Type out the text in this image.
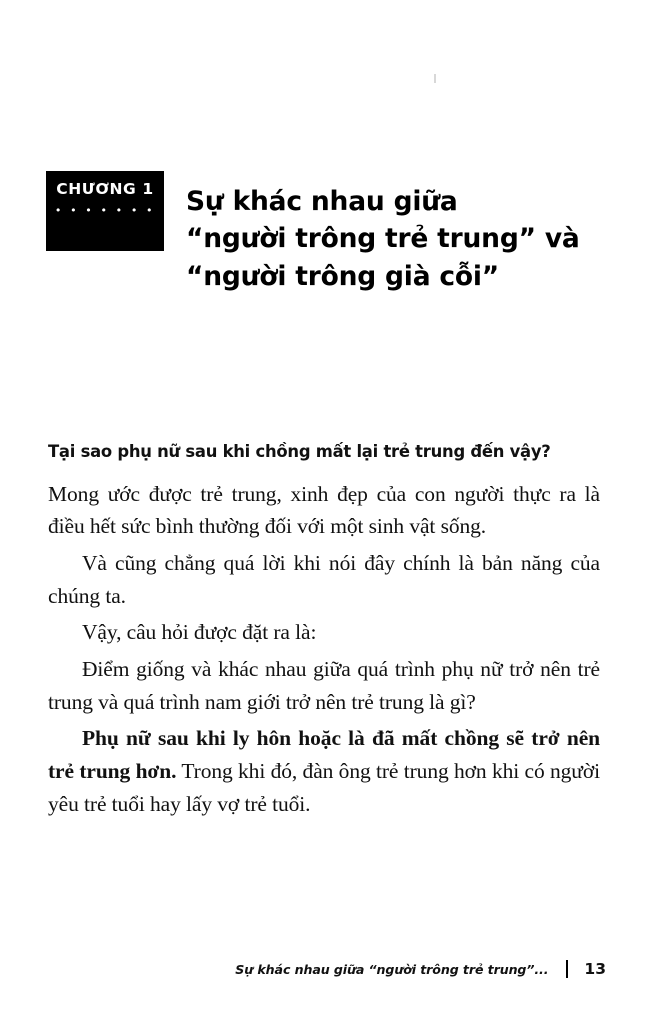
CHƯƠNG 1
• • • • • • •	Sự khác nhau giữa
“người trông trẻ trung” và
“người trông già cỗi”

Tại sao phụ nữ sau khi chồng mất lại trẻ trung đến vậy?

Mong ước được trẻ trung, xinh đẹp của con người thực ra là điều hết sức bình thường đối với một sinh vật sống.

Và cũng chẳng quá lời khi nói đây chính là bản năng của chúng ta.

Vậy, câu hỏi được đặt ra là:

Điểm giống và khác nhau giữa quá trình phụ nữ trở nên trẻ trung và quá trình nam giới trở nên trẻ trung là gì?

Phụ nữ sau khi ly hôn hoặc là đã mất chồng sẽ trở nên trẻ trung hơn. Trong khi đó, đàn ông trẻ trung hơn khi có người yêu trẻ tuổi hay lấy vợ trẻ tuổi.

Sự khác nhau giữa “người trông trẻ trung”... 13
